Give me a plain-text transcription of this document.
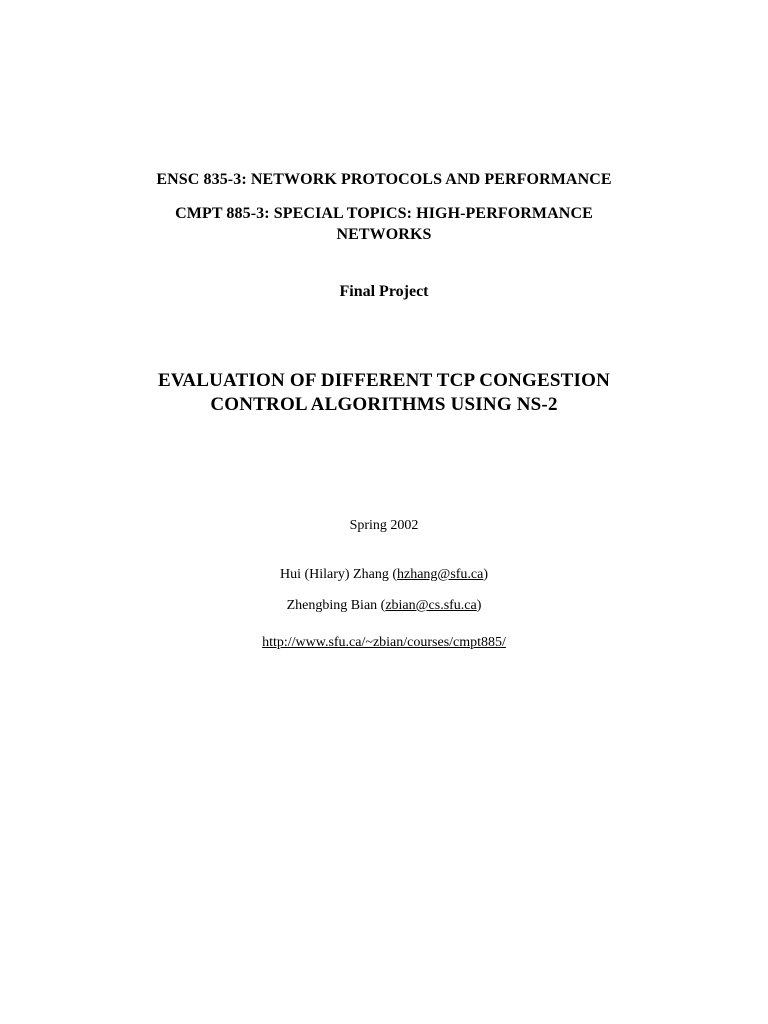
ENSC 835-3: NETWORK PROTOCOLS AND PERFORMANCE
CMPT 885-3: SPECIAL TOPICS: HIGH-PERFORMANCE
NETWORKS
Final Project
EVALUATION OF DIFFERENT TCP CONGESTION
CONTROL ALGORITHMS USING NS-2
Spring 2002
Hui (Hilary) Zhang (hzhang@sfu.ca)
Zhengbing Bian (zbian@cs.sfu.ca)
http://www.sfu.ca/~zbian/courses/cmpt885/
